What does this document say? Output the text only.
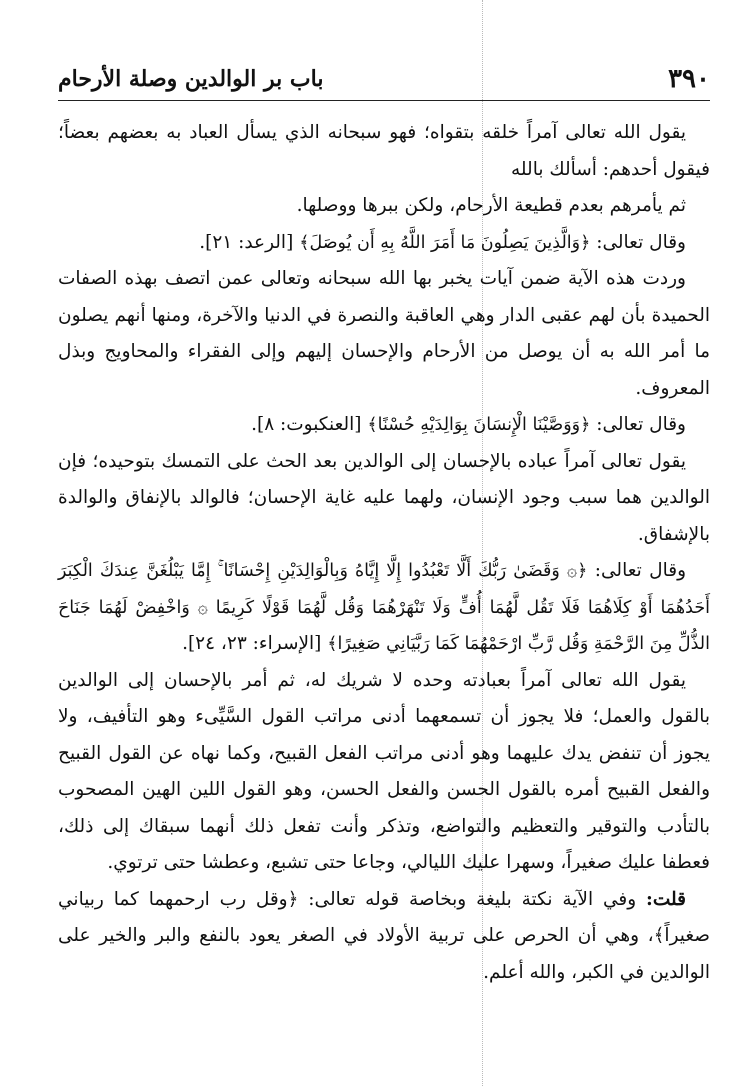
٣٩٠
باب بر الوالدين وصلة الأرحام

يقول الله تعالى آمراً خلقه بتقواه؛ فهو سبحانه الذي يسأل العباد به بعضهم بعضاً؛ فيقول أحدهم: أسألك بالله

ثم يأمرهم بعدم قطيعة الأرحام، ولكن ببرها ووصلها.

وقال تعالى: ﴿وَالَّذِينَ يَصِلُونَ مَا أَمَرَ اللَّهُ بِهِ أَن يُوصَلَ﴾ [الرعد: ٢١].

وردت هذه الآية ضمن آيات يخبر بها الله سبحانه وتعالى عمن اتصف بهذه الصفات الحميدة بأن لهم عقبى الدار وهي العاقبة والنصرة في الدنيا والآخرة، ومنها أنهم يصلون ما أمر الله به أن يوصل من الأرحام والإحسان إليهم وإلى الفقراء والمحاويج وبذل المعروف.

وقال تعالى: ﴿وَوَصَّيْنَا الْإِنسَانَ بِوَالِدَيْهِ حُسْنًا﴾ [العنكبوت: ٨].

يقول تعالى آمراً عباده بالإحسان إلى الوالدين بعد الحث على التمسك بتوحيده؛ فإن الوالدين هما سبب وجود الإنسان، ولهما عليه غاية الإحسان؛ فالوالد بالإنفاق والوالدة بالإشفاق.

وقال تعالى: ﴿۞ وَقَضَىٰ رَبُّكَ أَلَّا تَعْبُدُوا إِلَّا إِيَّاهُ وَبِالْوَالِدَيْنِ إِحْسَانًا ۚ إِمَّا يَبْلُغَنَّ عِندَكَ الْكِبَرَ أَحَدُهُمَا أَوْ كِلَاهُمَا فَلَا تَقُل لَّهُمَا أُفٍّ وَلَا تَنْهَرْهُمَا وَقُل لَّهُمَا قَوْلًا كَرِيمًا ۞ وَاخْفِضْ لَهُمَا جَنَاحَ الذُّلِّ مِنَ الرَّحْمَةِ وَقُل رَّبِّ ارْحَمْهُمَا كَمَا رَبَّيَانِي صَغِيرًا﴾ [الإسراء: ٢٣، ٢٤].

يقول الله تعالى آمراً بعبادته وحده لا شريك له، ثم أمر بالإحسان إلى الوالدين بالقول والعمل؛ فلا يجوز أن تسمعهما أدنى مراتب القول السَّيِّىء وهو التأفيف، ولا يجوز أن تنفض يدك عليهما وهو أدنى مراتب الفعل القبيح، وكما نهاه عن القول القبيح والفعل القبيح أمره بالقول الحسن والفعل الحسن، وهو القول اللين الهين المصحوب بالتأدب والتوقير والتعظيم والتواضع، وتذكر وأنت تفعل ذلك أنهما سبقاك إلى ذلك، فعطفا عليك صغيراً، وسهرا عليك الليالي، وجاعا حتى تشبع، وعطشا حتى ترتوي.

قلت: وفي الآية نكتة بليغة وبخاصة قوله تعالى: ﴿وقل رب ارحمهما كما ربياني صغيراً﴾، وهي أن الحرص على تربية الأولاد في الصغر يعود بالنفع والبر والخير على الوالدين في الكبر، والله أعلم.
